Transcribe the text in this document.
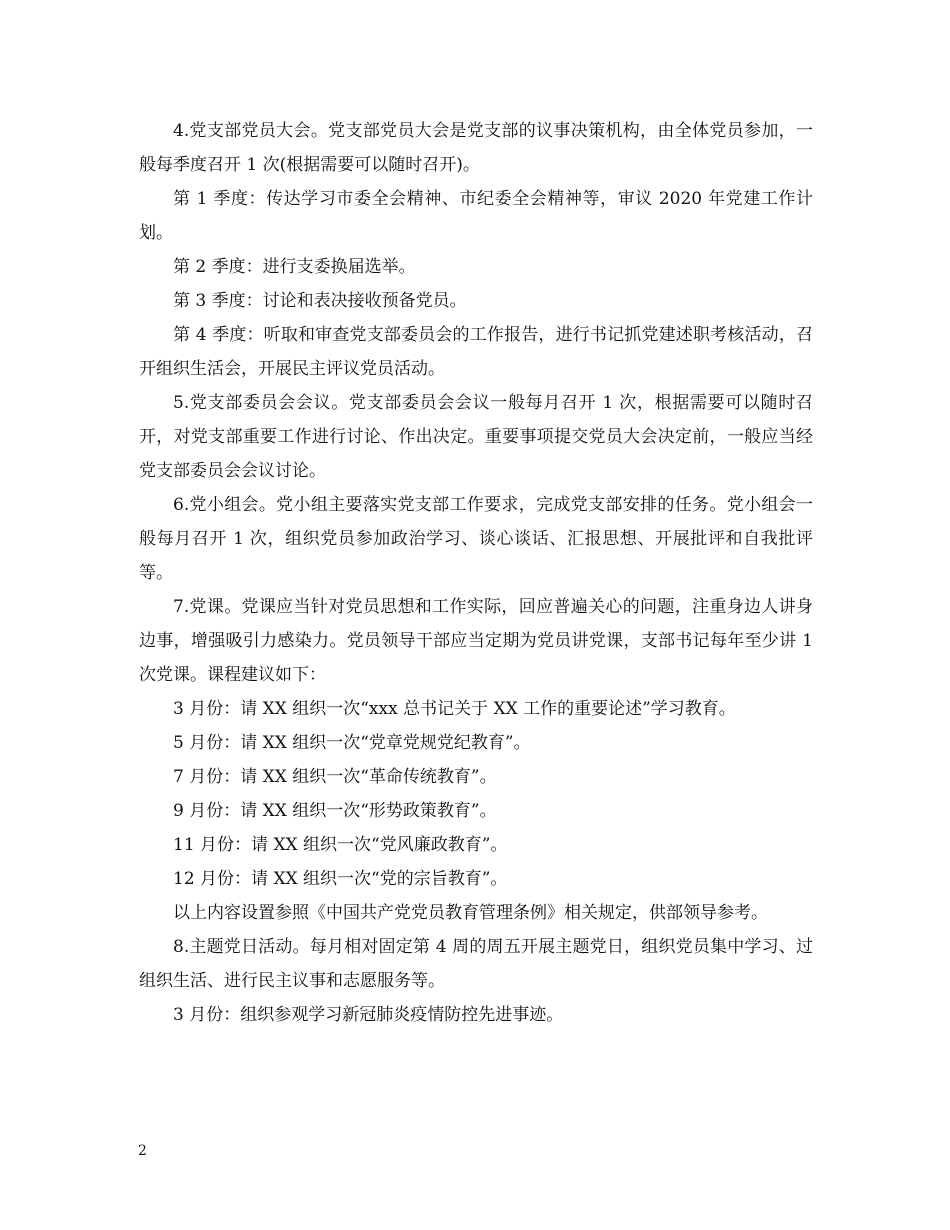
4.党支部党员大会。党支部党员大会是党支部的议事决策机构，由全体党员参加，一般每季度召开 1 次(根据需要可以随时召开)。

第 1 季度：传达学习市委全会精神、市纪委全会精神等，审议 2020 年党建工作计划。

第 2 季度：进行支委换届选举。

第 3 季度：讨论和表决接收预备党员。

第 4 季度：听取和审查党支部委员会的工作报告，进行书记抓党建述职考核活动，召开组织生活会，开展民主评议党员活动。

5.党支部委员会会议。党支部委员会会议一般每月召开 1 次，根据需要可以随时召开，对党支部重要工作进行讨论、作出决定。重要事项提交党员大会决定前，一般应当经党支部委员会会议讨论。

6.党小组会。党小组主要落实党支部工作要求，完成党支部安排的任务。党小组会一般每月召开 1 次，组织党员参加政治学习、谈心谈话、汇报思想、开展批评和自我批评等。

7.党课。党课应当针对党员思想和工作实际，回应普遍关心的问题，注重身边人讲身边事，增强吸引力感染力。党员领导干部应当定期为党员讲党课，支部书记每年至少讲 1 次党课。课程建议如下：

3 月份：请 XX 组织一次“xxx 总书记关于 XX 工作的重要论述”学习教育。

5 月份：请 XX 组织一次“党章党规党纪教育”。

7 月份：请 XX 组织一次“革命传统教育”。

9 月份：请 XX 组织一次“形势政策教育”。

11 月份：请 XX 组织一次“党风廉政教育”。

12 月份：请 XX 组织一次“党的宗旨教育”。

以上内容设置参照《中国共产党党员教育管理条例》相关规定，供部领导参考。

8.主题党日活动。每月相对固定第 4 周的周五开展主题党日，组织党员集中学习、过组织生活、进行民主议事和志愿服务等。

3 月份：组织参观学习新冠肺炎疫情防控先进事迹。

2
